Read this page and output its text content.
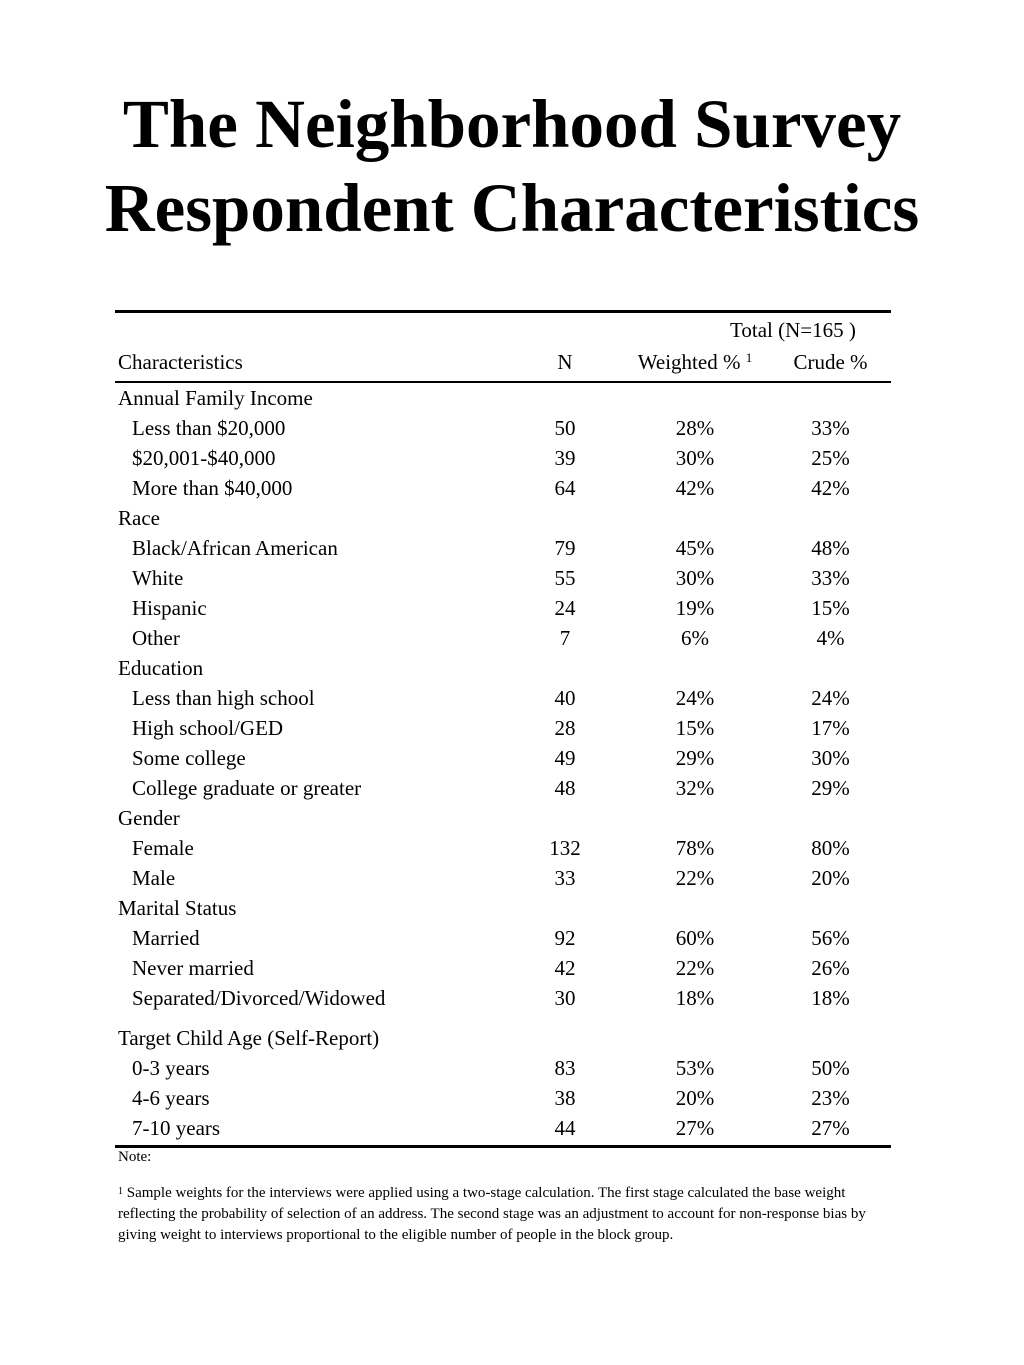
The Neighborhood Survey
Respondent Characteristics
		Total (N=165 )	
Characteristics	N	Weighted % $^1$	Crude %
Annual Family Income			
Less than $20,000	50	28%	33%
$20,001-$40,000	39	30%	25%
More than $40,000	64	42%	42%
Race			
Black/African American	79	45%	48%
White	55	30%	33%
Hispanic	24	19%	15%
Other	7	6%	4%
Education			
Less than high school	40	24%	24%
High school/GED	28	15%	17%
Some college	49	29%	30%
College graduate or greater	48	32%	29%
Gender			
Female	132	78%	80%
Male	33	22%	20%
Marital Status			
Married	92	60%	56%
Never married	42	22%	26%
Separated/Divorced/Widowed	30	18%	18%
Target Child Age (Self-Report)			
0-3 years	83	53%	50%
4-6 years	38	20%	23%
7-10 years	44	27%	27%
Note:
$^1$ Sample weights for the interviews were applied using a two-stage calculation. The first stage calculated the base weight reflecting the probability of selection of an address. The second stage was an adjustment to account for non-response bias by giving weight to interviews proportional to the eligible number of people in the block group.
